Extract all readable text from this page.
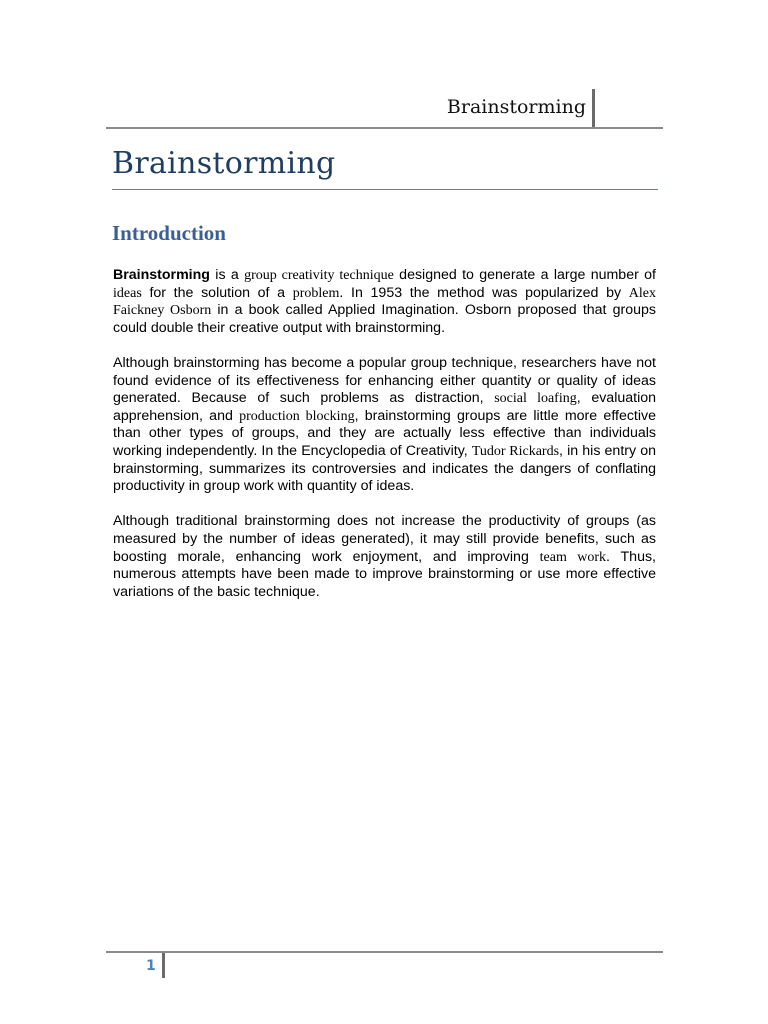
Brainstorming
Brainstorming
Introduction

Brainstorming is a group creativity technique designed to generate a large number of ideas for the solution of a problem. In 1953 the method was popularized by Alex Faickney Osborn in a book called Applied Imagination. Osborn proposed that groups could double their creative output with brainstorming.

Although brainstorming has become a popular group technique, researchers have not found evidence of its effectiveness for enhancing either quantity or quality of ideas generated. Because of such problems as distraction, social loafing, evaluation apprehension, and production blocking, brainstorming groups are little more effective than other types of groups, and they are actually less effective than individuals working independently. In the Encyclopedia of Creativity, Tudor Rickards, in his entry on brainstorming, summarizes its controversies and indicates the dangers of conflating productivity in group work with quantity of ideas.

Although traditional brainstorming does not increase the productivity of groups (as measured by the number of ideas generated), it may still provide benefits, such as boosting morale, enhancing work enjoyment, and improving team work. Thus, numerous attempts have been made to improve brainstorming or use more effective variations of the basic technique.

1
